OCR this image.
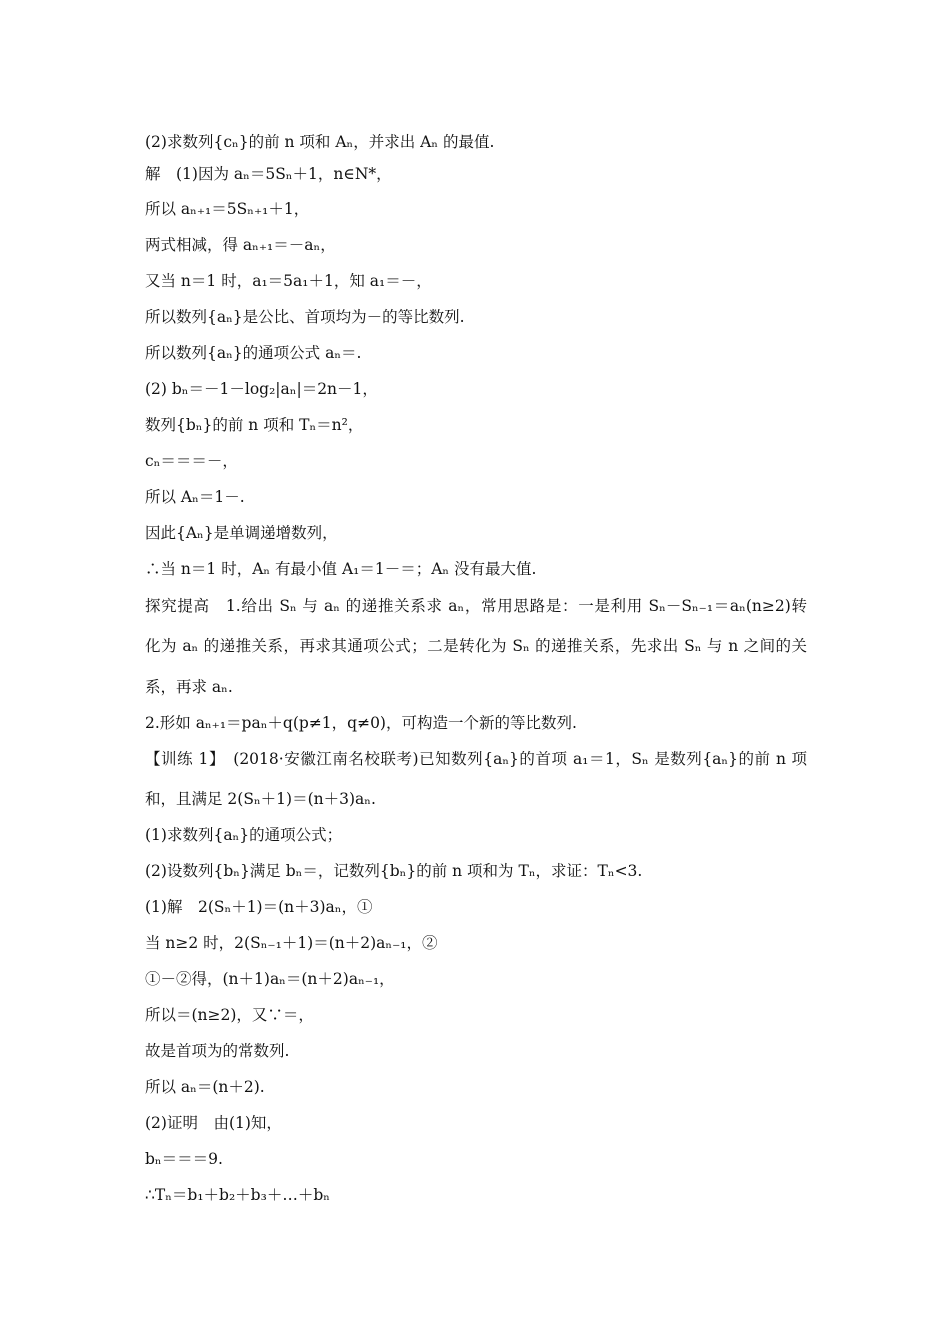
(2)求数列{cₙ}的前 n 项和 Aₙ，并求出 Aₙ 的最值.
解　(1)因为 aₙ＝5Sₙ＋1，n∈N*，
所以 aₙ₊₁＝5Sₙ₊₁＋1，
两式相减，得 aₙ₊₁＝－aₙ，
又当 n＝1 时，a₁＝5a₁＋1，知 a₁＝－，
所以数列{aₙ}是公比、首项均为－的等比数列.
所以数列{aₙ}的通项公式 aₙ＝.
(2) bₙ＝－1－log₂|aₙ|＝2n－1，
数列{bₙ}的前 n 项和 Tₙ＝n²，
cₙ＝＝＝－，
所以 Aₙ＝1－.
因此{Aₙ}是单调递增数列，
∴当 n＝1 时，Aₙ 有最小值 A₁＝1－＝；Aₙ 没有最大值.
探究提高　1.给出 Sₙ 与 aₙ 的递推关系求 aₙ，常用思路是：一是利用 Sₙ－Sₙ₋₁＝aₙ(n≥2)转
化为 aₙ 的递推关系，再求其通项公式；二是转化为 Sₙ 的递推关系，先求出 Sₙ 与 n 之间的关
系，再求 aₙ.
2.形如 aₙ₊₁＝paₙ＋q(p≠1，q≠0)，可构造一个新的等比数列.
【训练 1】　(2018·安徽江南名校联考)已知数列{aₙ}的首项 a₁＝1，Sₙ 是数列{aₙ}的前 n 项
和，且满足 2(Sₙ＋1)＝(n＋3)aₙ.
(1)求数列{aₙ}的通项公式；
(2)设数列{bₙ}满足 bₙ＝，记数列{bₙ}的前 n 项和为 Tₙ，求证：Tₙ<3.
(1)解　2(Sₙ＋1)＝(n＋3)aₙ，①
当 n≥2 时，2(Sₙ₋₁＋1)＝(n＋2)aₙ₋₁，②
①－②得，(n＋1)aₙ＝(n＋2)aₙ₋₁，
所以＝(n≥2)，又∵＝，
故是首项为的常数列.
所以 aₙ＝(n＋2).
(2)证明　由(1)知，
bₙ＝＝＝9.
∴Tₙ＝b₁＋b₂＋b₃＋…＋bₙ
